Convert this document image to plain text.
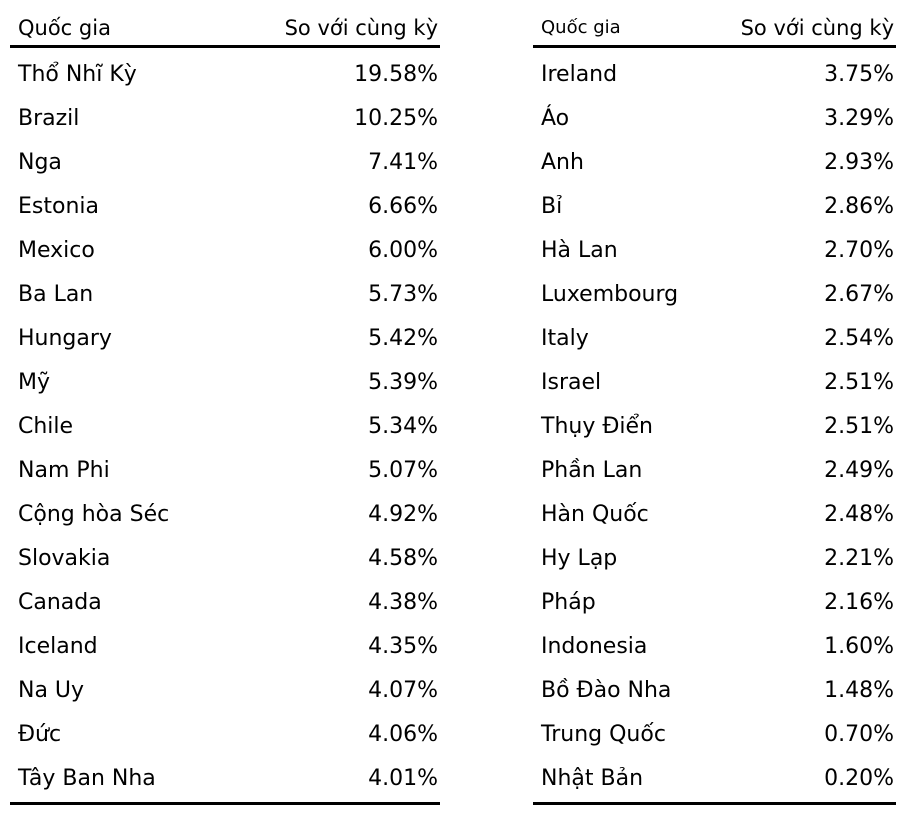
Quốc gia	So với cùng kỳ
Thổ Nhĩ Kỳ	19.58%
Brazil	10.25%
Nga	7.41%
Estonia	6.66%
Mexico	6.00%
Ba Lan	5.73%
Hungary	5.42%
Mỹ	5.39%
Chile	5.34%
Nam Phi	5.07%
Cộng hòa Séc	4.92%
Slovakia	4.58%
Canada	4.38%
Iceland	4.35%
Na Uy	4.07%
Đức	4.06%
Tây Ban Nha	4.01%
Quốc gia	So với cùng kỳ
Ireland	3.75%
Áo	3.29%
Anh	2.93%
Bỉ	2.86%
Hà Lan	2.70%
Luxembourg	2.67%
Italy	2.54%
Israel	2.51%
Thụy Điển	2.51%
Phần Lan	2.49%
Hàn Quốc	2.48%
Hy Lạp	2.21%
Pháp	2.16%
Indonesia	1.60%
Bồ Đào Nha	1.48%
Trung Quốc	0.70%
Nhật Bản	0.20%
